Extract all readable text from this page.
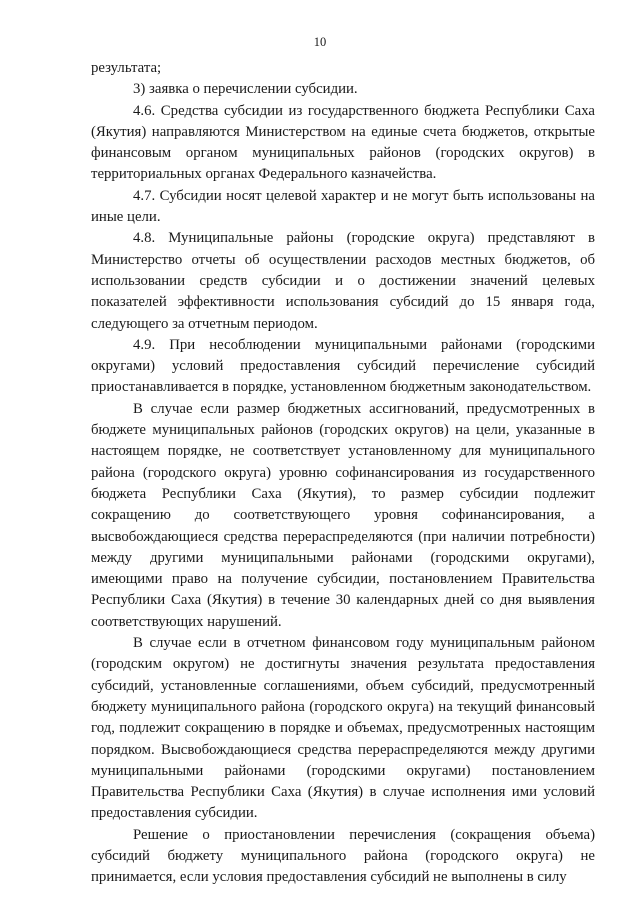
10

результата;

3) заявка о перечислении субсидии.

4.6. Средства субсидии из государственного бюджета Республики Саха (Якутия) направляются Министерством на единые счета бюджетов, открытые финансовым органом муниципальных районов (городских округов) в территориальных органах Федерального казначейства.

4.7. Субсидии носят целевой характер и не могут быть использованы на иные цели.

4.8. Муниципальные районы (городские округа) представляют в Министерство отчеты об осуществлении расходов местных бюджетов, об использовании средств субсидии и о достижении значений целевых показателей эффективности использования субсидий до 15 января года, следующего за отчетным периодом.

4.9. При несоблюдении муниципальными районами (городскими округами) условий предоставления субсидий перечисление субсидий приостанавливается в порядке, установленном бюджетным законодательством.

В случае если размер бюджетных ассигнований, предусмотренных в бюджете муниципальных районов (городских округов) на цели, указанные в настоящем порядке, не соответствует установленному для муниципального района (городского округа) уровню софинансирования из государственного бюджета Республики Саха (Якутия), то размер субсидии подлежит сокращению до соответствующего уровня софинансирования, а высвобождающиеся средства перераспределяются (при наличии потребности) между другими муниципальными районами (городскими округами), имеющими право на получение субсидии, постановлением Правительства Республики Саха (Якутия) в течение 30 календарных дней со дня выявления соответствующих нарушений.

В случае если в отчетном финансовом году муниципальным районом (городским округом) не достигнуты значения результата предоставления субсидий, установленные соглашениями, объем субсидий, предусмотренный бюджету муниципального района (городского округа) на текущий финансовый год, подлежит сокращению в порядке и объемах, предусмотренных настоящим порядком. Высвобождающиеся средства перераспределяются между другими муниципальными районами (городскими округами) постановлением Правительства Республики Саха (Якутия) в случае исполнения ими условий предоставления субсидии.

Решение о приостановлении перечисления (сокращения объема) субсидий бюджету муниципального района (городского округа) не принимается, если условия предоставления субсидий не выполнены в силу
